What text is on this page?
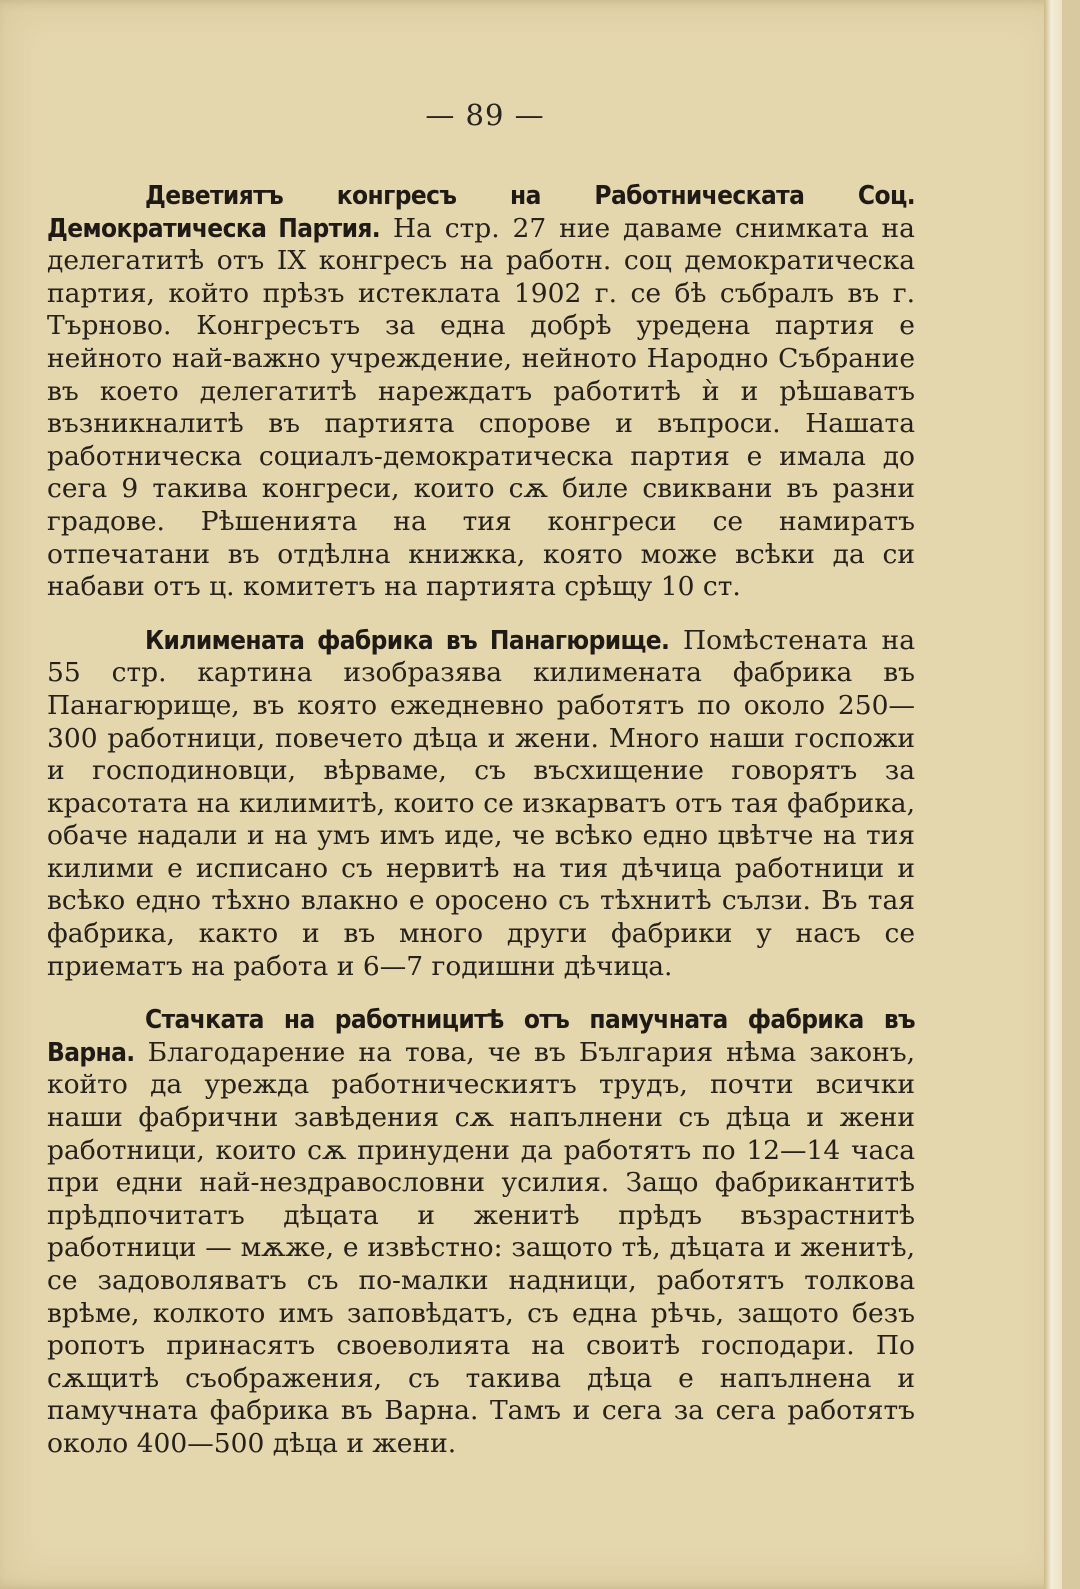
— 89 —

Деветиятъ конгресъ на Работническата Соц. Демократическа Партия. На стр. 27 ние даваме снимката на делегатитѣ отъ IX конгресъ на работн. соц демократическа партия, който прѣзъ истеклата 1902 г. се бѣ събралъ въ г. Търново. Конгресътъ за една добрѣ уредена партия е нейното най-важно учреждение, нейното Народно Събрание въ което делегатитѣ нареждатъ работитѣ ѝ и рѣшаватъ възникналитѣ въ партията спорове и въпроси. Нашата работническа социалъ-демократическа партия е имала до сега 9 такива конгреси, които сѫ биле свиквани въ разни градове. Рѣшенията на тия конгреси се намиратъ отпечатани въ отдѣлна книжка, която може всѣки да си набави отъ ц. комитетъ на партията срѣщу 10 ст.

Килимената фабрика въ Панагюрище. Помѣстената на 55 стр. картина изобразява килимената фабрика въ Панагюрище, въ която ежедневно работятъ по около 250—300 работници, повечето дѣца и жени. Много наши госпожи и господиновци, вѣрваме, съ въсхищение говорятъ за красотата на килимитѣ, които се изкарватъ отъ тая фабрика, обаче надали и на умъ имъ иде, че всѣко едно цвѣтче на тия килими е исписано съ нервитѣ на тия дѣчица работници и всѣко едно тѣхно влакно е оросено съ тѣхнитѣ сълзи. Въ тая фабрика, както и въ много други фабрики у насъ се приематъ на работа и 6—7 годишни дѣчица.

Стачката на работницитѣ отъ памучната фабрика въ Варна. Благодарение на това, че въ България нѣма законъ, който да урежда работническиятъ трудъ, почти всички наши фабрични завѣдения сѫ напълнени съ дѣца и жени работници, които сѫ принудени да работятъ по 12—14 часа при едни най-нездравословни усилия. Защо фабрикантитѣ прѣдпочитатъ дѣцата и женитѣ прѣдъ възрастнитѣ работници — мѫже, е извѣстно: защото тѣ, дѣцата и женитѣ, се задоволяватъ съ по-малки надници, работятъ толкова врѣме, колкото имъ заповѣдатъ, съ една рѣчь, защото безъ ропотъ принасятъ своеволията на своитѣ господари. По сѫщитѣ съображения, съ такива дѣца е напълнена и памучната фабрика въ Варна. Тамъ и сега за сега работятъ около 400—500 дѣца и жени.
